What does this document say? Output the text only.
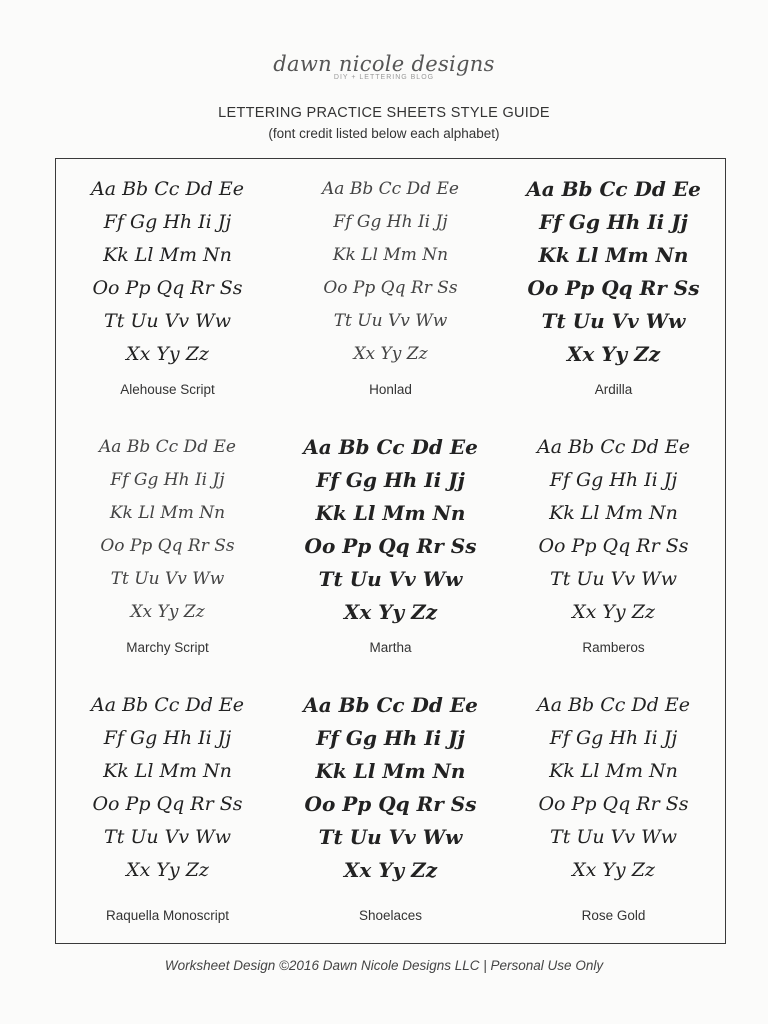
dawn nicole designs
DIY + LETTERING BLOG
LETTERING PRACTICE SHEETS STYLE GUIDE
(font credit listed below each alphabet)
Aa Bb Cc Dd Ee
Ff Gg Hh Ii Jj
Kk Ll Mm Nn
Oo Pp Qq Rr Ss
Tt Uu Vv Ww
Xx Yy Zz
Alehouse Script
Aa Bb Cc Dd Ee
Ff Gg Hh Ii Jj
Kk Ll Mm Nn
Oo Pp Qq Rr Ss
Tt Uu Vv Ww
Xx Yy Zz
Honlad
Aa Bb Cc Dd Ee
Ff Gg Hh Ii Jj
Kk Ll Mm Nn
Oo Pp Qq Rr Ss
Tt Uu Vv Ww
Xx Yy Zz
Ardilla
Aa Bb Cc Dd Ee
Ff Gg Hh Ii Jj
Kk Ll Mm Nn
Oo Pp Qq Rr Ss
Tt Uu Vv Ww
Xx Yy Zz
Marchy Script
Aa Bb Cc Dd Ee
Ff Gg Hh Ii Jj
Kk Ll Mm Nn
Oo Pp Qq Rr Ss
Tt Uu Vv Ww
Xx Yy Zz
Martha
Aa Bb Cc Dd Ee
Ff Gg Hh Ii Jj
Kk Ll Mm Nn
Oo Pp Qq Rr Ss
Tt Uu Vv Ww
Xx Yy Zz
Ramberos
Aa Bb Cc Dd Ee
Ff Gg Hh Ii Jj
Kk Ll Mm Nn
Oo Pp Qq Rr Ss
Tt Uu Vv Ww
Xx Yy Zz
Raquella Monoscript
Aa Bb Cc Dd Ee
Ff Gg Hh Ii Jj
Kk Ll Mm Nn
Oo Pp Qq Rr Ss
Tt Uu Vv Ww
Xx Yy Zz
Shoelaces
Aa Bb Cc Dd Ee
Ff Gg Hh Ii Jj
Kk Ll Mm Nn
Oo Pp Qq Rr Ss
Tt Uu Vv Ww
Xx Yy Zz
Rose Gold
Worksheet Design ©2016 Dawn Nicole Designs LLC | Personal Use Only
